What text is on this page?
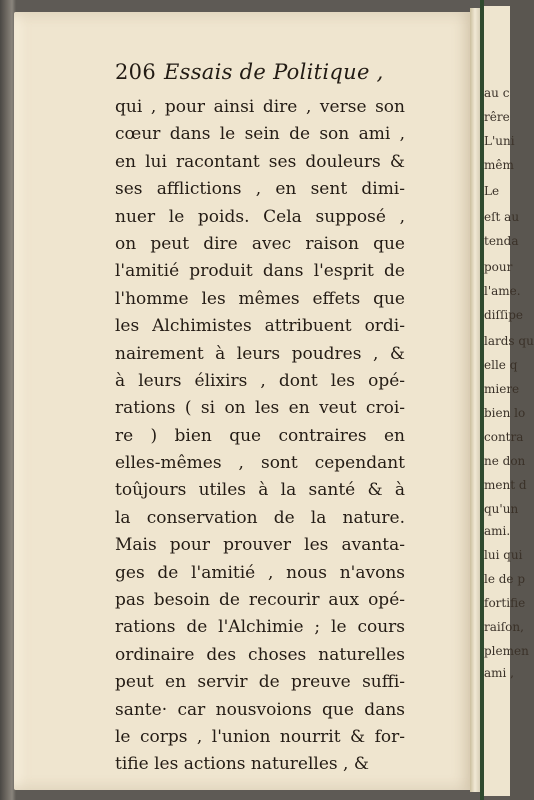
206 Essais de Politique ,
qui , pour ainsi dire , verse son
cœur dans le sein de son ami ,
en lui racontant ses douleurs &
ses afflictions , en sent dimi-
nuer le poids. Cela supposé ,
on peut dire avec raison que
l'amitié produit dans l'esprit de
l'homme les mêmes effets que
les Alchimistes attribuent ordi-
nairement à leurs poudres , &
à leurs élixirs , dont les opé-
rations ( si on les en veut croi-
re ) bien que contraires en
elles-mêmes , sont cependant
toûjours utiles à la santé & à
la conservation de la nature.
Mais pour prouver les avanta-
ges de l'amitié , nous n'avons
pas besoin de recourir aux opé-
rations de l'Alchimie ; le cours
ordinaire des choses naturelles
peut en servir de preuve suffi-
sante· car nousvoions que dans
le corps , l'union nourrit & for-
tifie les actions naturelles , &
au c
rêre
L'uni
mêm
Le
eſt au
tenda
pour
l'ame.
diſſipe
lards qu
elle q
miere
bien lo
contra
ne don
ment d
qu'un
ami.
lui qui
le de p
fortifie
raiſon,
plemen
ami ,
